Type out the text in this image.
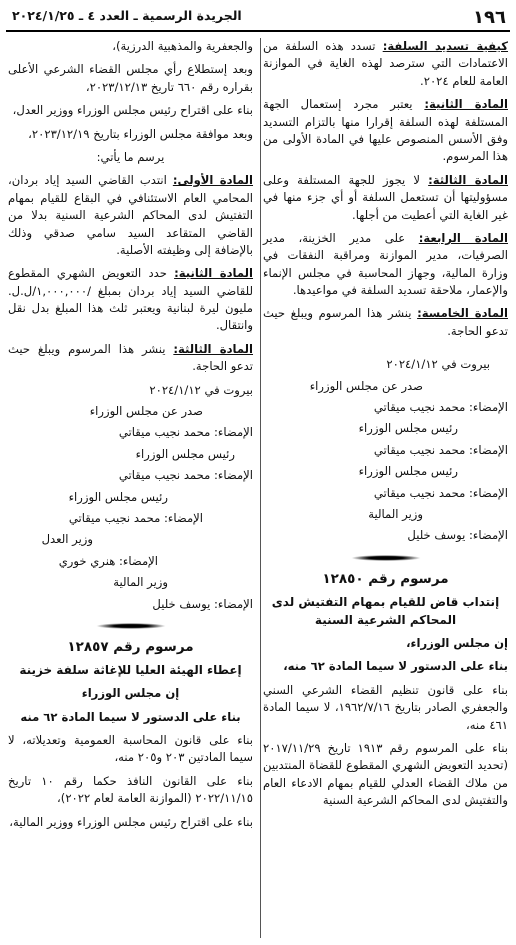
١٩٦
الجريدة الرسمية ـ العدد ٤ ـ ٢٠٢٤/١/٢٥

كيفية تسديد السلفة: تسدد هذه السلفة من الاعتمادات التي سترصد لهذه الغاية في الموازنة العامة للعام ٢٠٢٤.

المادة الثانية: يعتبر مجرد إستعمال الجهة المستلفة لهذه السلفة إقرارا منها بالتزام التسديد وفق الأسس المنصوص عليها في المادة الأولى من هذا المرسوم.

المادة الثالثة: لا يجوز للجهة المستلفة وعلى مسؤوليتها أن تستعمل السلفة أو أي جزء منها في غير الغاية التي أعطيت من أجلها.

المادة الرابعة: على مدير الخزينة، مدير الصرفيات، مدير الموازنة ومراقبة النفقات في وزارة المالية، وجهاز المحاسبة في مجلس الإنماء والإعمار، ملاحقة تسديد السلفة في مواعيدها.

المادة الخامسة: ينشر هذا المرسوم ويبلغ حيث تدعو الحاجة.

بيروت في ٢٠٢٤/١/١٢

صدر عن مجلس الوزراء

الإمضاء: محمد نجيب ميقاتي

رئيس مجلس الوزراء

الإمضاء: محمد نجيب ميقاتي

رئيس مجلس الوزراء

الإمضاء: محمد نجيب ميقاتي

وزير المالية

الإمضاء: يوسف خليل

مرسوم رقم ١٢٨٥٠

إنتداب قاض للقيام بمهام التفتيش لدى المحاكم الشرعية السنية

إن مجلس الوزراء،

بناء على الدستور لا سيما المادة ٦٢ منه،

بناء على قانون تنظيم القضاء الشرعي السني والجعفري الصادر بتاريخ ١٩٦٢/٧/١٦، لا سيما المادة ٤٦١ منه،

بناء على المرسوم رقم ١٩١٣ تاريخ ٢٠١٧/١١/٢٩ (تحديد التعويض الشهري المقطوع للقضاة المنتدبين من ملاك القضاء العدلي للقيام بمهام الادعاء العام والتفتيش لدى المحاكم الشرعية السنية

والجعفرية والمذهبية الدرزية)،

وبعد إستطلاع رأي مجلس القضاء الشرعي الأعلى بقراره رقم ٦٦٠ تاريخ ٢٠٢٣/١٢/١٣،

بناء على اقتراح رئيس مجلس الوزراء ووزير العدل،

وبعد موافقة مجلس الوزراء بتاريخ ٢٠٢٣/١٢/١٩،

يرسم ما يأتي:

المادة الأولى: انتدب القاضي السيد إياد بردان، المحامي العام الاستئنافي في البقاع للقيام بمهام التفتيش لدى المحاكم الشرعية السنية بدلا من القاضي المتقاعد السيد سامي صدقي وذلك بالإضافة إلى وظيفته الأصلية.

المادة الثانية: حدد التعويض الشهري المقطوع للقاضي السيد إياد بردان بمبلغ /١,٠٠٠,٠٠٠/ل.ل. مليون ليرة لبنانية ويعتبر ثلث هذا المبلغ بدل نقل وانتقال.

المادة الثالثة: ينشر هذا المرسوم ويبلغ حيث تدعو الحاجة.

بيروت في ٢٠٢٤/١/١٢

صدر عن مجلس الوزراء

الإمضاء: محمد نجيب ميقاتي

رئيس مجلس الوزراء

الإمضاء: محمد نجيب ميقاتي

رئيس مجلس الوزراء

الإمضاء: محمد نجيب ميقاتي

وزير العدل

الإمضاء: هنري خوري

وزير المالية

الإمضاء: يوسف خليل

مرسوم رقم ١٢٨٥٧

إعطاء الهيئة العليا للإغاثة سلفة خزينة

إن مجلس الوزراء

بناء على الدستور لا سيما المادة ٦٢ منه

بناء على قانون المحاسبة العمومية وتعديلاته، لا سيما المادتين ٢٠٣ و٢٠٥ منه،

بناء على القانون النافذ حكما رقم ١٠ تاريخ ٢٠٢٢/١١/١٥ (الموازنة العامة لعام ٢٠٢٢)،

بناء على اقتراح رئيس مجلس الوزراء ووزير المالية،
